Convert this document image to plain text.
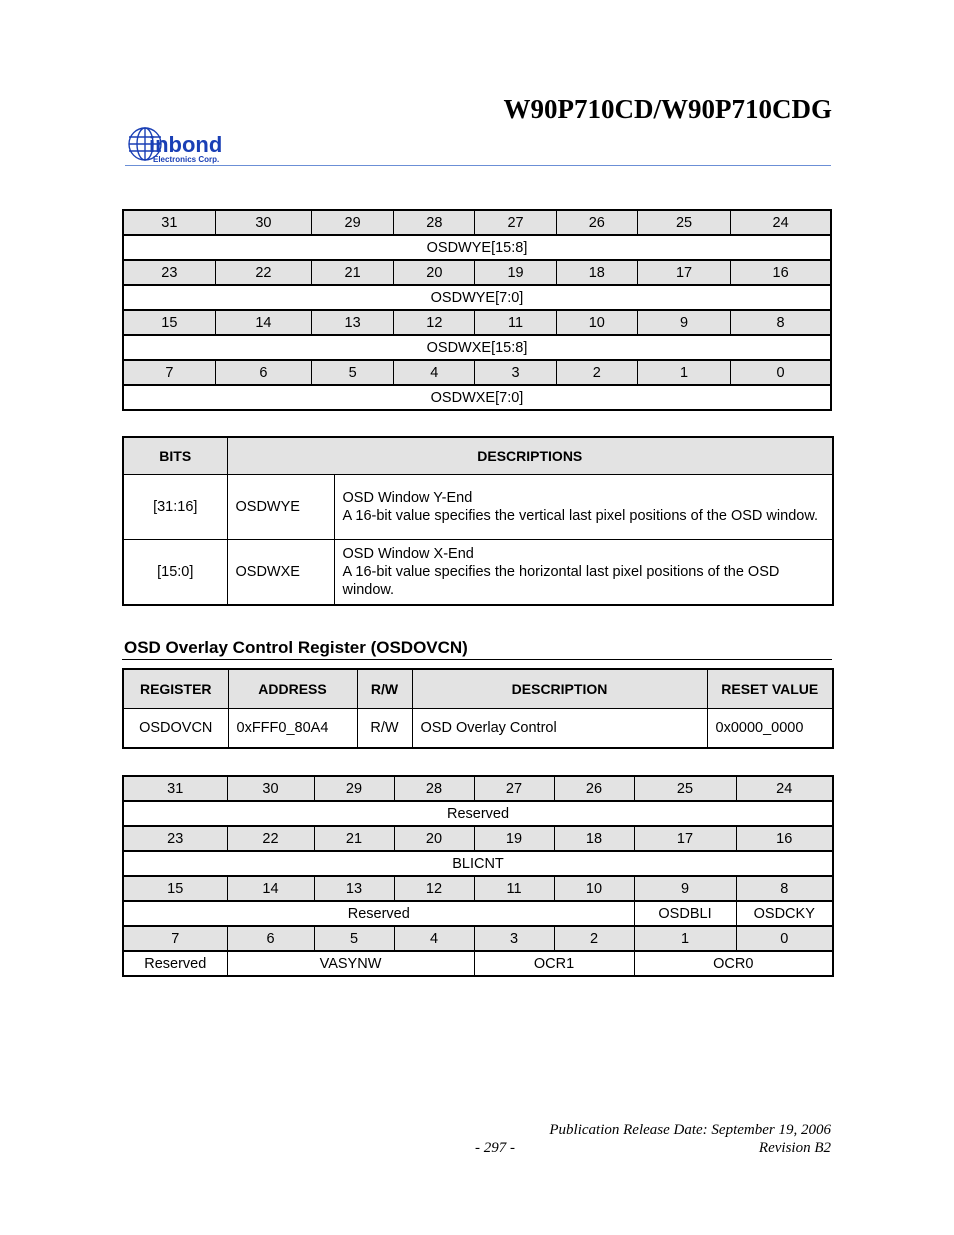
W90P710CD/W90P710CDG
inbond
Electronics Corp.
31	30	29	28	27	26	25	24
OSDWYE[15:8]							
23	22	21	20	19	18	17	16
OSDWYE[7:0]							
15	14	13	12	11	10	9	8
OSDWXE[15:8]							
7	6	5	4	3	2	1	0
OSDWXE[7:0]							
BITS	DESCRIPTIONS	
[31:16]	OSDWYE	OSD Window Y-End
A 16-bit value specifies the vertical last pixel positions of the OSD window.

[15:0]	OSDWXE	OSD Window X-End
A 16-bit value specifies the horizontal last pixel positions of the OSD window.
OSD Overlay Control Register (OSDOVCN)
REGISTER	ADDRESS	R/W	DESCRIPTION	RESET VALUE
OSDOVCN	0xFFF0_80A4	R/W	OSD Overlay Control	0x0000_0000
31	30	29	28	27	26	25	24
Reserved							
23	22	21	20	19	18	17	16
BLICNT							
15	14	13	12	11	10	9	8
Reserved						OSDBLI	OSDCKY
7	6	5	4	3	2	1	0
Reserved	VASYNW			OCR1		OCR0	
Publication Release Date: September 19, 2006
- 297 -	Revision B2
